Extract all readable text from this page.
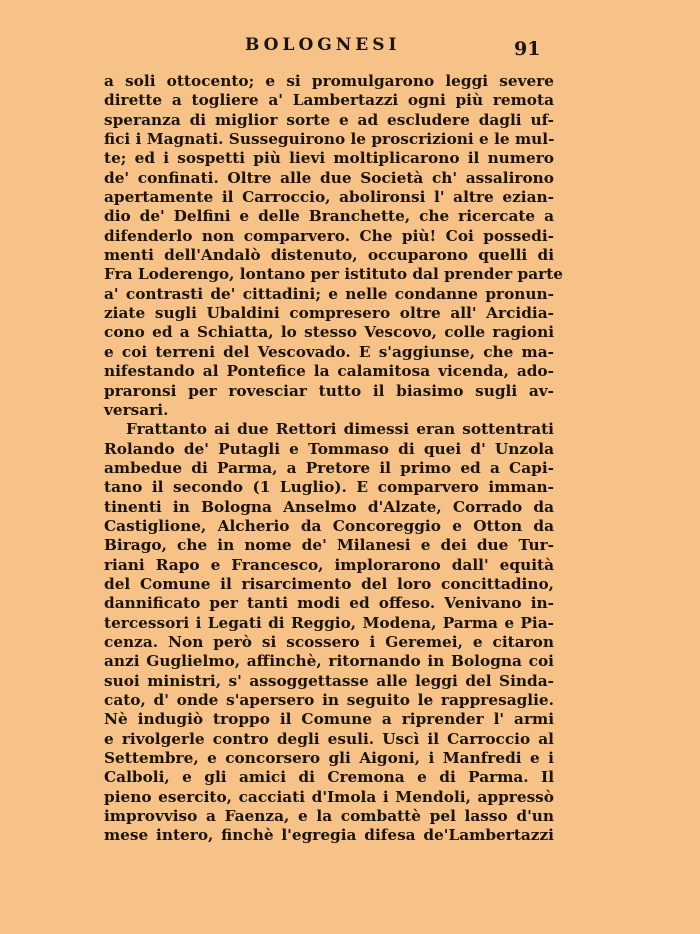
BOLOGNESI	91
a soli ottocento; e si promulgarono leggi severe
dirette a togliere a' Lambertazzi ogni più remota
speranza di miglior sorte e ad escludere dagli uf-
fici i Magnati. Susseguirono le proscrizioni e le mul-
te; ed i sospetti più lievi moltiplicarono il numero
de' confinati. Oltre alle due Società ch' assalirono
apertamente il Carroccio, abolironsi l' altre ezian-
dio de' Delfini e delle Branchette, che ricercate a
difenderlo non comparvero. Che più! Coi possedi-
menti dell'Andalò distenuto, occuparono quelli di
Fra Loderengo, lontano per istituto dal prender parte
a' contrasti de' cittadini; e nelle condanne pronun-
ziate sugli Ubaldini compresero oltre all' Arcidia-
cono ed a Schiatta, lo stesso Vescovo, colle ragioni
e coi terreni del Vescovado. E s'aggiunse, che ma-
nifestando al Pontefice la calamitosa vicenda, ado-
praronsi per rovesciar tutto il biasimo sugli av-
versari.
Frattanto ai due Rettori dimessi eran sottentrati
Rolando de' Putagli e Tommaso di quei d' Unzola
ambedue di Parma, a Pretore il primo ed a Capi-
tano il secondo (1 Luglio). E comparvero imman-
tinenti in Bologna Anselmo d'Alzate, Corrado da
Castiglione, Alcherio da Concoreggio e Otton da
Birago, che in nome de' Milanesi e dei due Tur-
riani Rapo e Francesco, implorarono dall' equità
del Comune il risarcimento del loro concittadino,
dannificato per tanti modi ed offeso. Venivano in-
tercessori i Legati di Reggio, Modena, Parma e Pia-
cenza. Non però si scossero i Geremei, e citaron
anzi Guglielmo, affinchè, ritornando in Bologna coi
suoi ministri, s' assoggettasse alle leggi del Sinda-
cato, d' onde s'apersero in seguito le rappresaglie.
Nè indugiò troppo il Comune a riprender l' armi
e rivolgerle contro degli esuli. Uscì il Carroccio al
Settembre, e concorsero gli Aigoni, i Manfredi e i
Calboli, e gli amici di Cremona e di Parma. Il
pieno esercito, cacciati d'Imola i Mendoli, appressò
improvviso a Faenza, e la combattè pel lasso d'un
mese intero, finchè l'egregia difesa de'Lambertazzi
